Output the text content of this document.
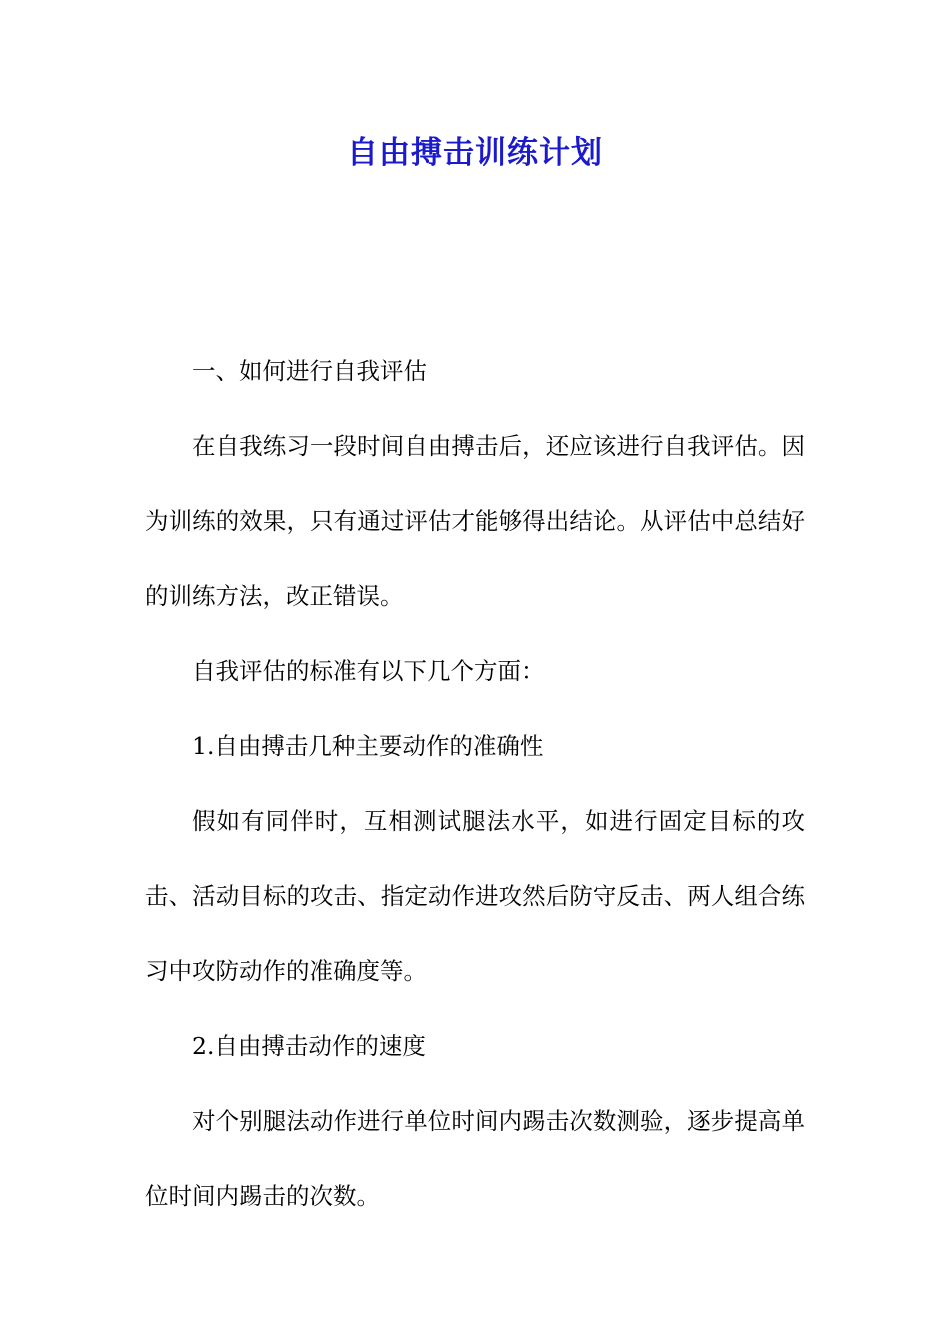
自由搏击训练计划

一、如何进行自我评估

在自我练习一段时间自由搏击后，还应该进行自我评估。因为训练的效果，只有通过评估才能够得出结论。从评估中总结好的训练方法，改正错误。

自我评估的标准有以下几个方面：

1.自由搏击几种主要动作的准确性

假如有同伴时，互相测试腿法水平，如进行固定目标的攻击、活动目标的攻击、指定动作进攻然后防守反击、两人组合练习中攻防动作的准确度等。

2.自由搏击动作的速度

对个别腿法动作进行单位时间内踢击次数测验，逐步提高单位时间内踢击的次数。
